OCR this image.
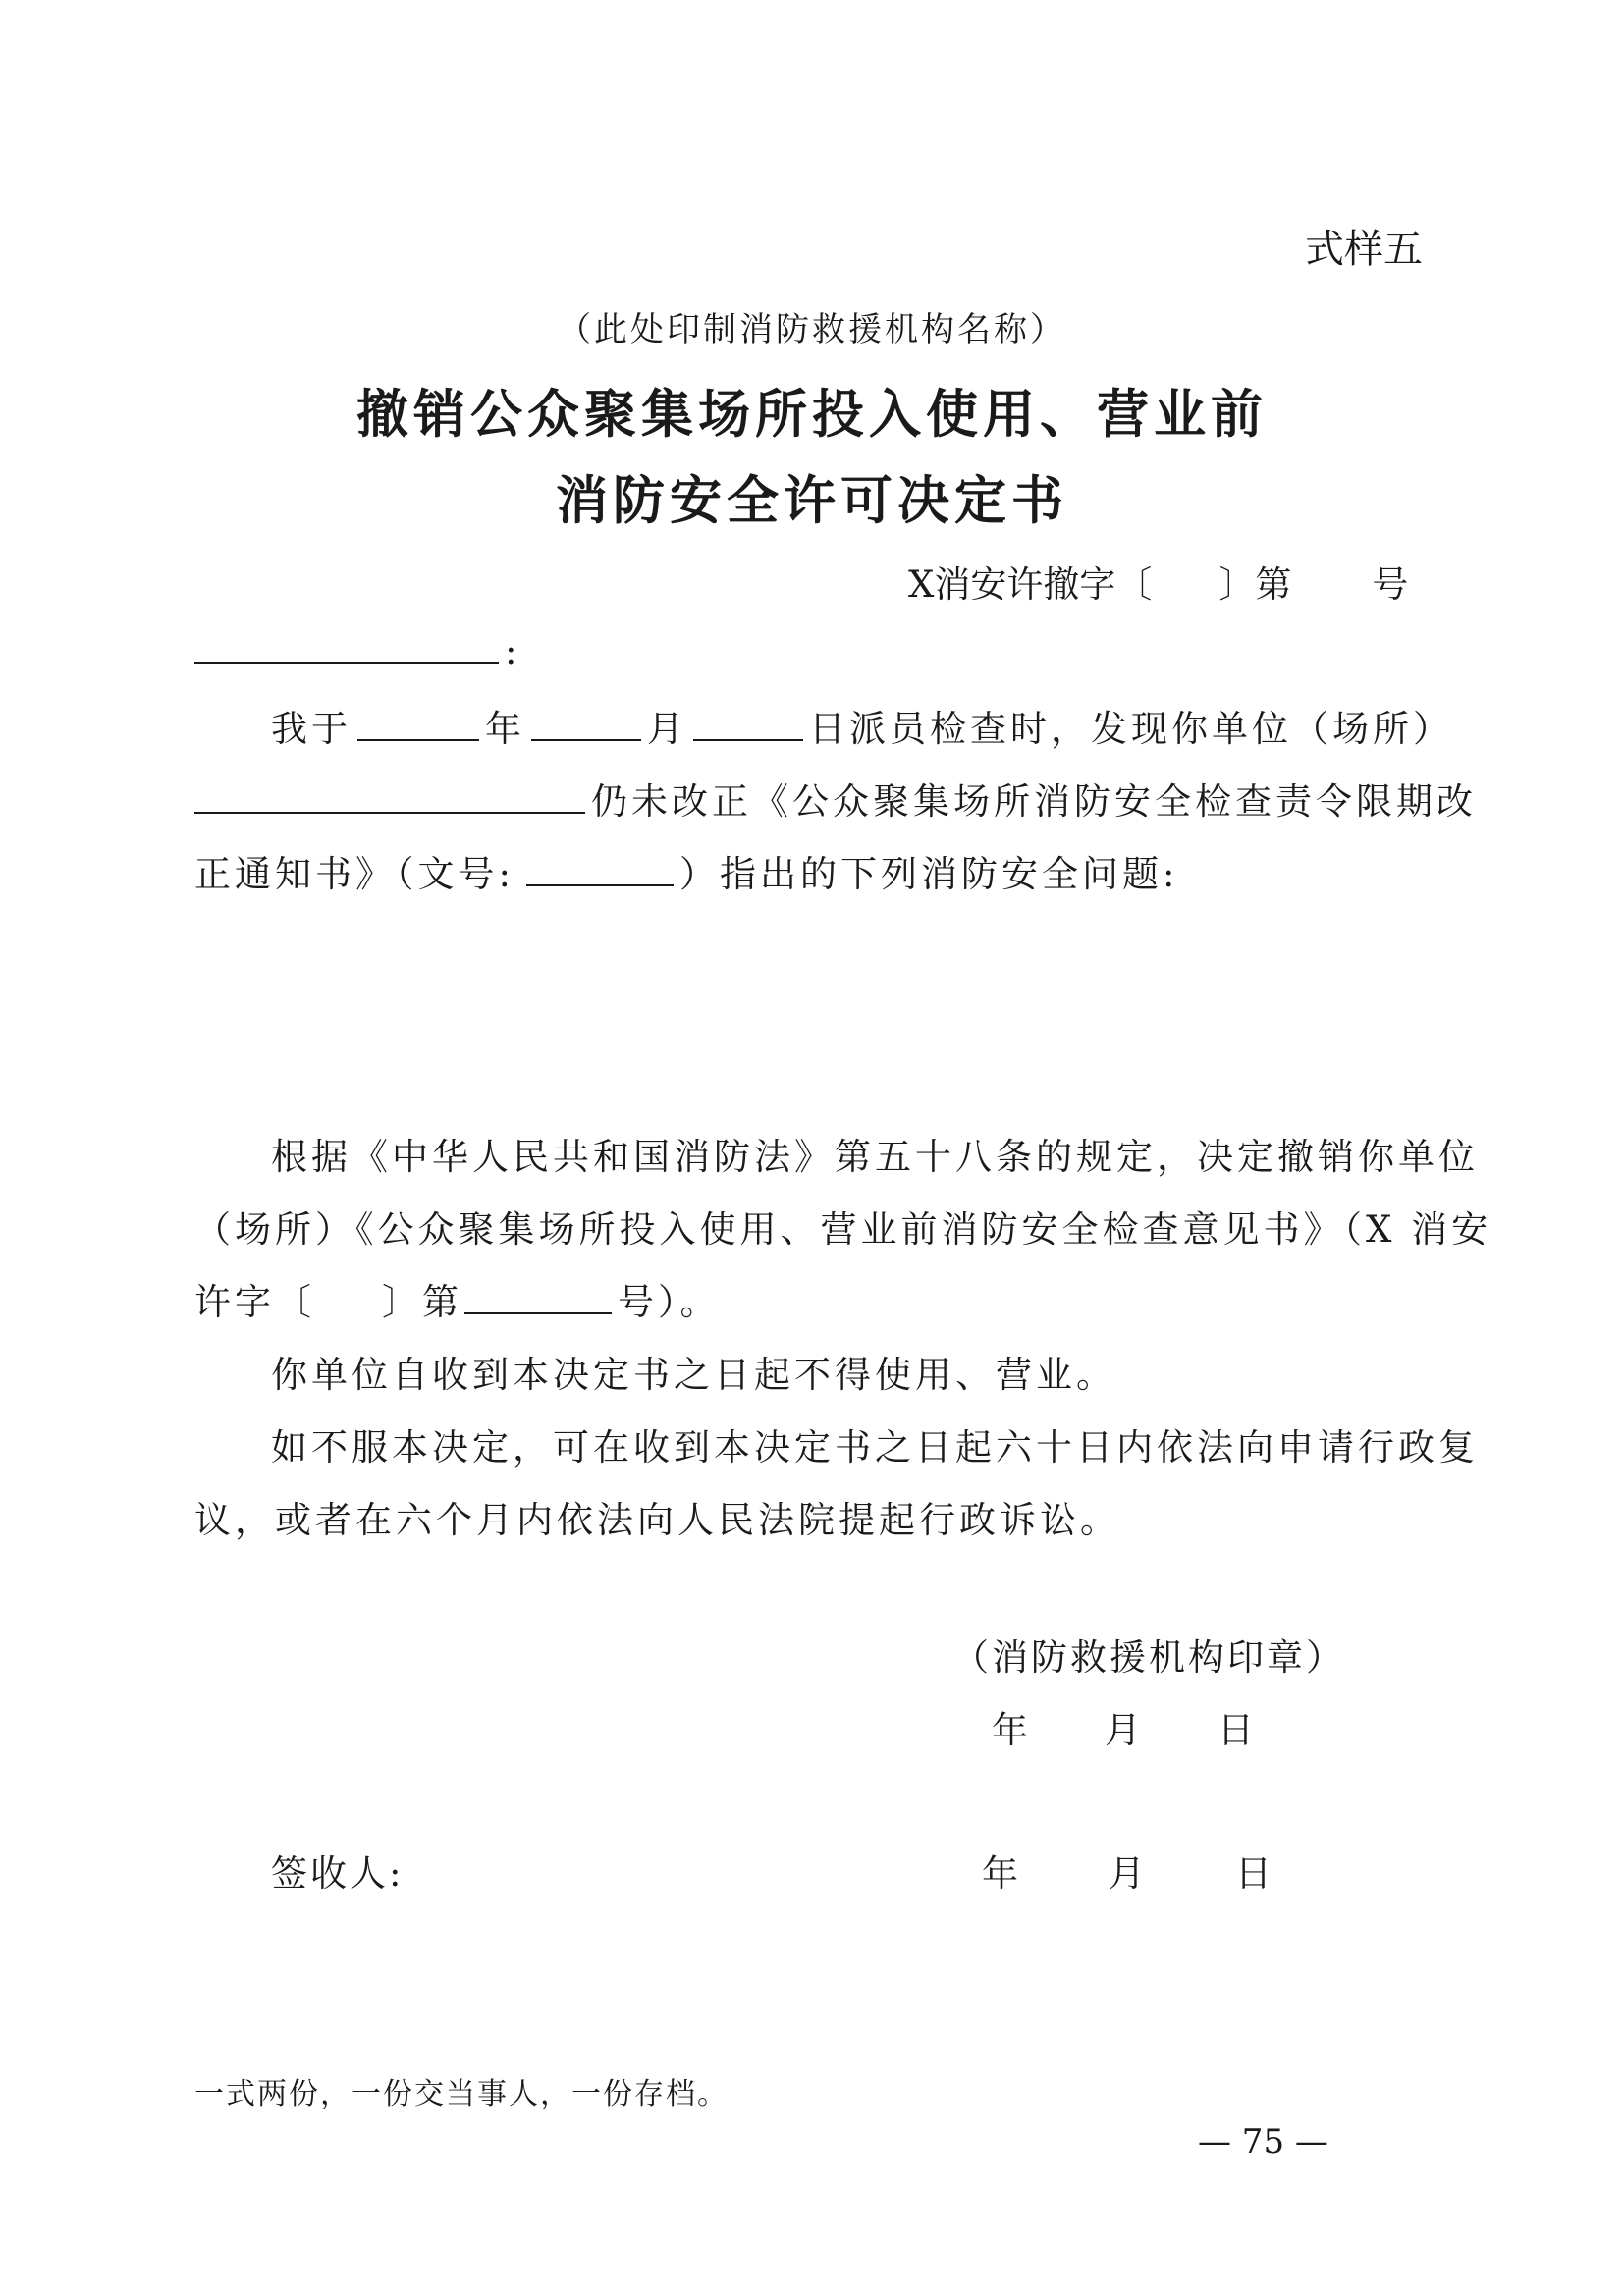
式样五
（此处印制消防救援机构名称）
撤销公众聚集场所投入使用、营业前
消防安全许可决定书
X消安许撤字〔 〕第 号
:
我于	年	月	日派员检查时，发现你单位（场所）
仍未改正《公众聚集场所消防安全检查责令限期改
正通知书》（文号:	）指出的下列消防安全问题:
根据《中华人民共和国消防法》第五十八条的规定，决定撤销你单位
（场所）《公众聚集场所投入使用、营业前消防安全检查意见书》（X 消安
许字〔 〕第	号）。
你单位自收到本决定书之日起不得使用、营业。
如不服本决定，可在收到本决定书之日起六十日内依法向申请行政复
议，或者在六个月内依法向人民法院提起行政诉讼。
（消防救援机构印章）
年 月 日
签收人:	年 月 日
一式两份，一份交当事人，一份存档。
— 75 —
